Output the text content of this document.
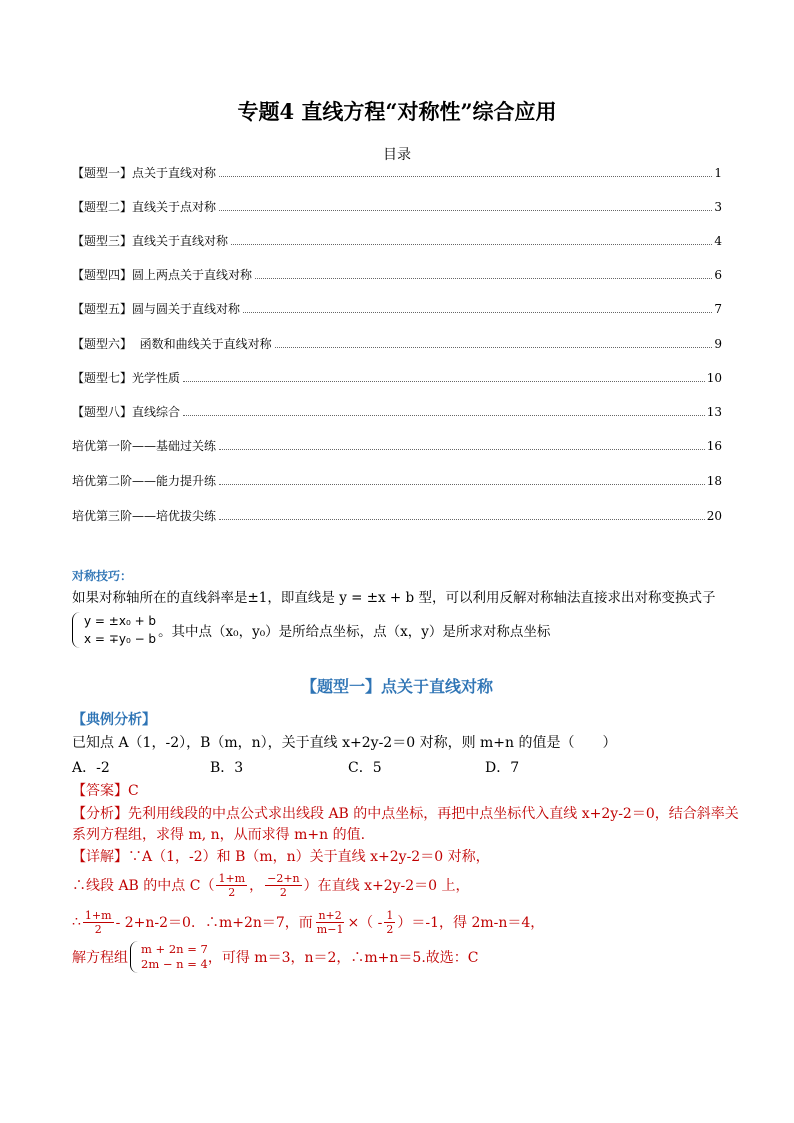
专题4 直线方程“对称性”综合应用
目录
【题型一】点关于直线对称	1
【题型二】直线关于点对称	3
【题型三】直线关于直线对称	4
【题型四】圆上两点关于直线对称	6
【题型五】圆与圆关于直线对称	7
【题型六】  函数和曲线关于直线对称	9
【题型七】光学性质	10
【题型八】直线综合	13
培优第一阶——基础过关练	16
培优第二阶——能力提升练	18
培优第三阶——培优拔尖练	20
对称技巧：
如果对称轴所在的直线斜率是±1，即直线是 y = ±x + b 型，可以利用反解对称轴法直接求出对称变换式子
y = ±x₀ + b
x = ∓y₀ − b 。其中点（x₀，y₀）是所给点坐标，点（x，y）是所求对称点坐标
【题型一】点关于直线对称
【典例分析】
已知点 A（1，-2），B（m，n），关于直线 x+2y-2＝0 对称，则 m+n 的值是（　　）
A．-2	B．3	C．5	D．7
【答案】C
【分析】先利用线段的中点公式求出线段 AB 的中点坐标，再把中点坐标代入直线 x+2y-2＝0，结合斜率关
系列方程组，求得 m, n，从而求得 m+n 的值.
【详解】∵A（1，-2）和 B（m，n）关于直线 x+2y-2＝0 对称，
∴线段 AB 的中点 $C( \frac{1+m}{2}$ ， $\frac{-2+n}{2}$ ）在直线 x+2y-2＝0 上，
∴ $\frac{1+m}{2} - 2+n-2=0$．∴m+2n＝7，而 $\frac{n+2}{m-1}$ ×（ - $\frac{1}{2} )=-1$，得 2m-n＝4，
解方程组
m + 2n = 7
2m − n = 4 ，可得 m＝3，n＝2，∴m+n＝5.故选：C
